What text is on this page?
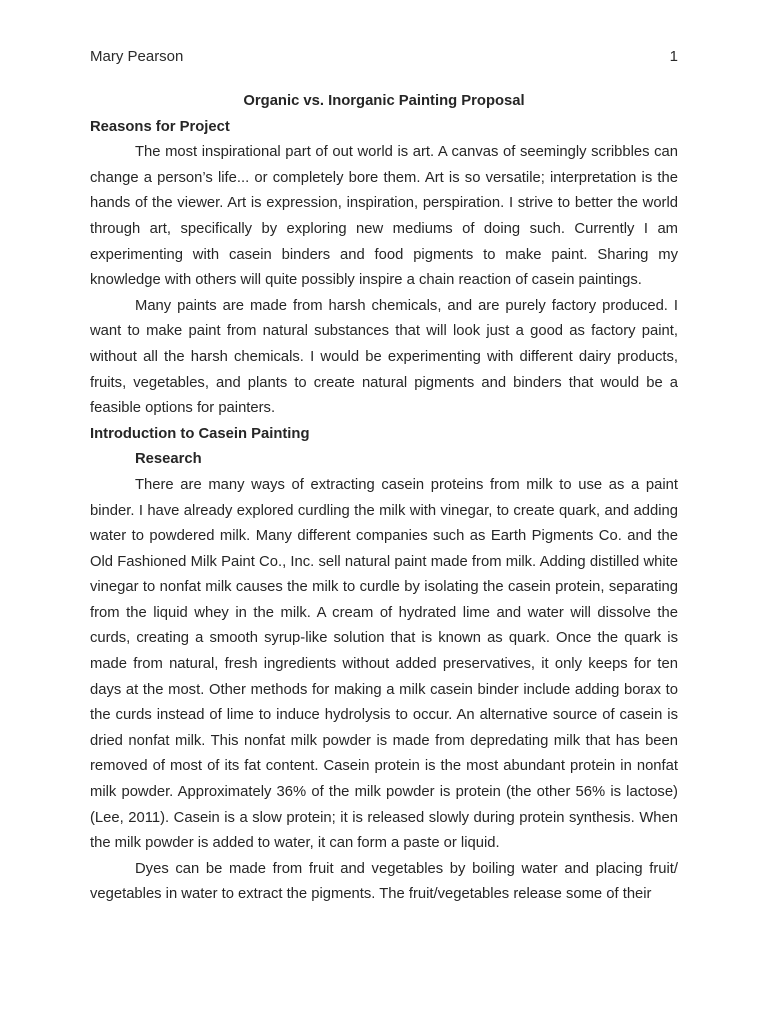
Mary Pearson	1

Organic vs. Inorganic Painting Proposal

Reasons for Project

The most inspirational part of out world is art. A canvas of seemingly scribbles can change a person’s life... or completely bore them. Art is so versatile; interpretation is the hands of the viewer. Art is expression, inspiration, perspiration. I strive to better the world through art, specifically by exploring new mediums of doing such. Currently I am experimenting with casein binders and food pigments to make paint. Sharing my knowledge with others will quite possibly inspire a chain reaction of casein paintings.

Many paints are made from harsh chemicals, and are purely factory produced. I want to make paint from natural substances that will look just a good as factory paint, without all the harsh chemicals. I would be experimenting with different dairy products, fruits, vegetables, and plants to create natural pigments and binders that would be a feasible options for painters.

Introduction to Casein Painting

Research

There are many ways of extracting casein proteins from milk to use as a paint binder. I have already explored curdling the milk with vinegar, to create quark, and adding water to powdered milk. Many different companies such as Earth Pigments Co. and the Old Fashioned Milk Paint Co., Inc. sell natural paint made from milk. Adding distilled white vinegar to nonfat milk causes the milk to curdle by isolating the casein protein, separating from the liquid whey in the milk. A cream of hydrated lime and water will dissolve the curds, creating a smooth syrup-like solution that is known as quark. Once the quark is made from natural, fresh ingredients without added preservatives, it only keeps for ten days at the most. Other methods for making a milk casein binder include adding borax to the curds instead of lime to induce hydrolysis to occur. An alternative source of casein is dried nonfat milk. This nonfat milk powder is made from depredating milk that has been removed of most of its fat content. Casein protein is the most abundant protein in nonfat milk powder. Approximately 36% of the milk powder is protein (the other 56% is lactose) (Lee, 2011). Casein is a slow protein; it is released slowly during protein synthesis. When the milk powder is added to water, it can form a paste or liquid.

Dyes can be made from fruit and vegetables by boiling water and placing fruit/ vegetables in water to extract the pigments. The fruit/vegetables release some of their
